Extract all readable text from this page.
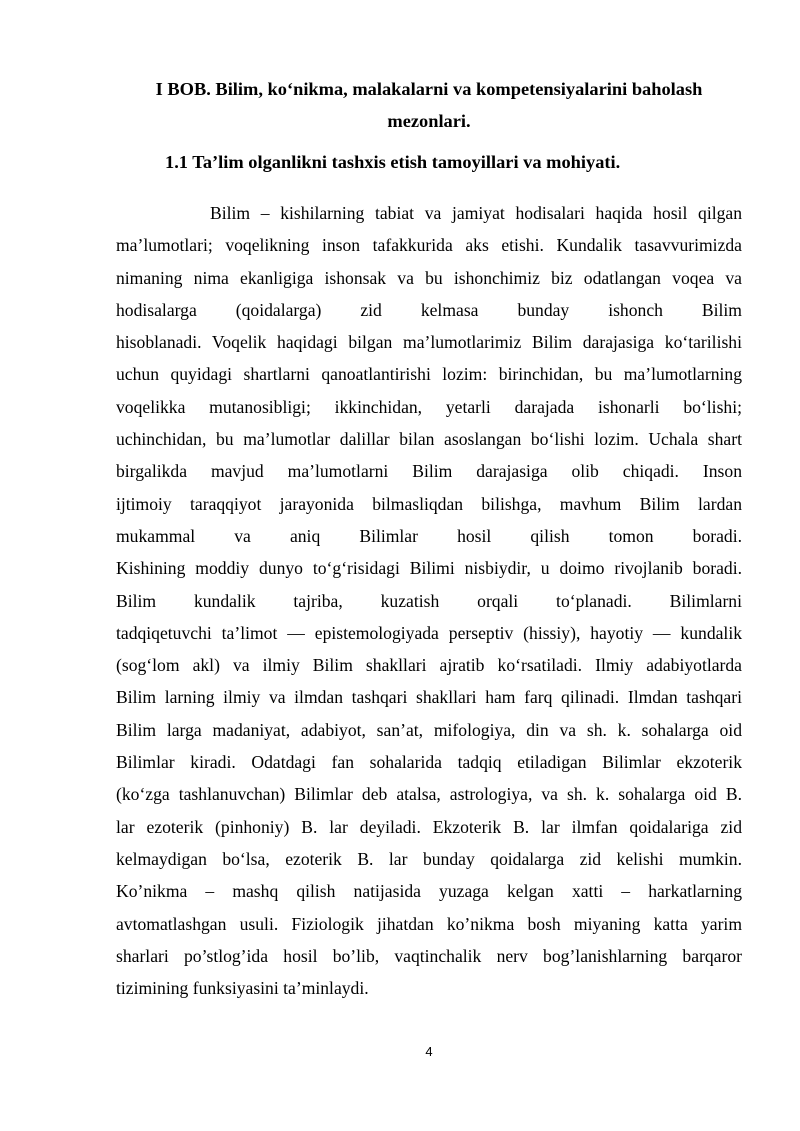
I BOB. Bilim, koʻnikma, malakalarni va kompetensiyalarini baholash
mezonlari.
1.1 Ta’lim olganlikni tashxis etish tamoyillari va mohiyati.
Bilim – kishilarning tabiat va jamiyat hodisalari haqida hosil qilgan
ma’lumotlari; voqelikning inson tafakkurida aks etishi. Kundalik tasavvurimizda
nimaning nima ekanligiga ishonsak va bu ishonchimiz biz odatlangan voqea va
hodisalarga (qoidalarga) zid kelmasa bunday ishonch Bilim
hisoblanadi. Voqelik haqidagi bilgan ma’lumotlarimiz Bilim darajasiga koʻtarilishi
uchun quyidagi shartlarni qanoatlantirishi lozim: birinchidan, bu ma’lumotlarning
voqelikka mutanosibligi; ikkinchidan, yetarli darajada ishonarli boʻlishi;
uchinchidan, bu ma’lumotlar dalillar bilan asoslangan boʻlishi lozim. Uchala shart
birgalikda mavjud ma’lumotlarni Bilim darajasiga olib chiqadi. Inson
ijtimoiy taraqqiyot jarayonida bilmasliqdan bilishga, mavhum Bilim lardan
mukammal va aniq Bilimlar hosil qilish tomon boradi.
Kishining moddiy dunyo toʻgʻrisidagi Bilimi nisbiydir, u doimo rivojlanib boradi.
Bilim kundalik tajriba, kuzatish orqali toʻplanadi. Bilimlarni
tadqiqetuvchi ta’limot — epistemologiyada perseptiv (hissiy), hayotiy — kundalik
(sogʻlom akl) va ilmiy Bilim shakllari ajratib koʻrsatiladi. Ilmiy adabiyotlarda
Bilim larning ilmiy va ilmdan tashqari shakllari ham farq qilinadi. Ilmdan tashqari
Bilim larga madaniyat, adabiyot, san’at, mifologiya, din va sh. k. sohalarga oid
Bilimlar kiradi. Odatdagi fan sohalarida tadqiq etiladigan Bilimlar ekzoterik
(koʻzga tashlanuvchan) Bilimlar deb atalsa, astrologiya, va sh. k. sohalarga oid B.
lar ezoterik (pinhoniy) B. lar deyiladi. Ekzoterik B. lar ilmfan qoidalariga zid
kelmaydigan boʻlsa, ezoterik B. lar bunday qoidalarga zid kelishi mumkin.
Ko’nikma – mashq qilish natijasida yuzaga kelgan xatti – harkatlarning
avtomatlashgan usuli. Fiziologik jihatdan ko’nikma bosh miyaning katta yarim
sharlari po’stlog’ida hosil bo’lib, vaqtinchalik nerv bog’lanishlarning barqaror
tizimining funksiyasini ta’minlaydi.
4
